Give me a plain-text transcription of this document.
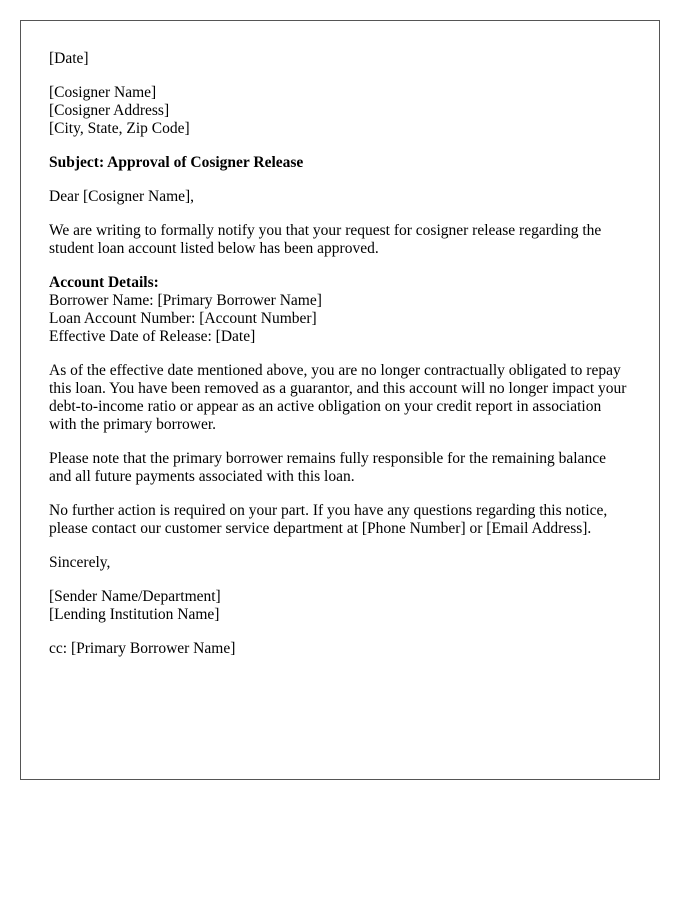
[Date]
[Cosigner Name]
[Cosigner Address]
[City, State, Zip Code]
Subject: Approval of Cosigner Release
Dear [Cosigner Name],

We are writing to formally notify you that your request for cosigner release regarding the student loan account listed below has been approved.

Account Details:
Borrower Name: [Primary Borrower Name]
Loan Account Number: [Account Number]
Effective Date of Release: [Date]

As of the effective date mentioned above, you are no longer contractually obligated to repay this loan. You have been removed as a guarantor, and this account will no longer impact your debt-to-income ratio or appear as an active obligation on your credit report in association with the primary borrower.

Please note that the primary borrower remains fully responsible for the remaining balance and all future payments associated with this loan.

No further action is required on your part. If you have any questions regarding this notice, please contact our customer service department at [Phone Number] or [Email Address].

Sincerely,
[Sender Name/Department]
[Lending Institution Name]
cc: [Primary Borrower Name]
